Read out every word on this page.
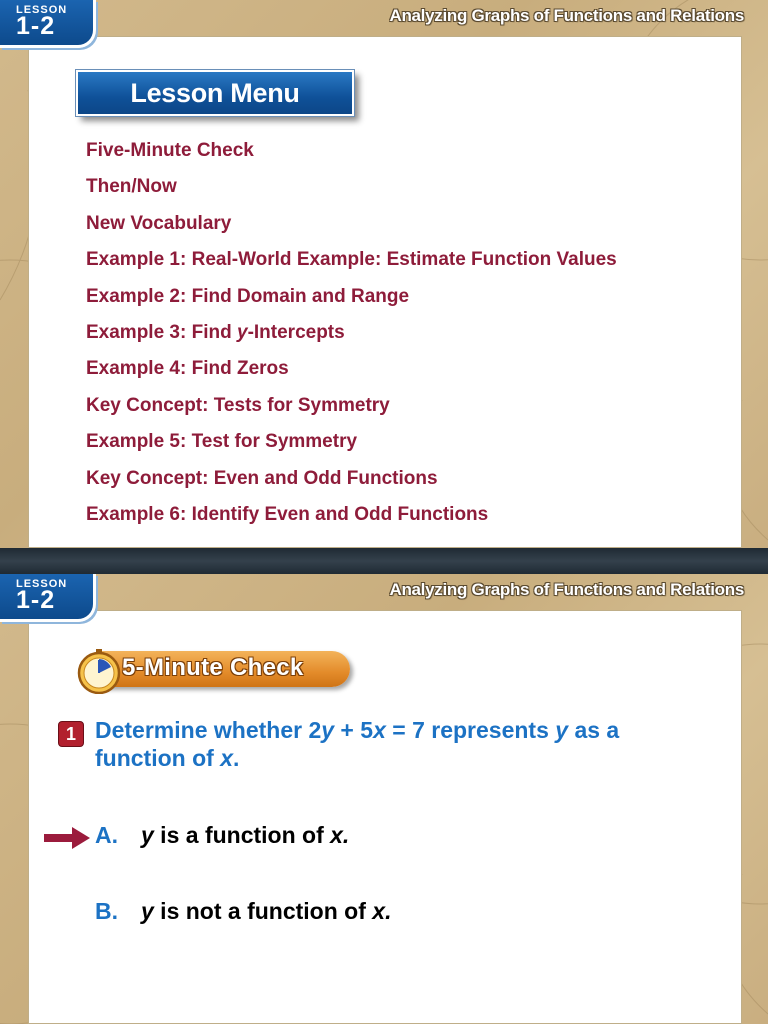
LESSON
1-2	Analyzing Graphs of Functions and Relations
Lesson Menu
Five-Minute Check
Then/Now
New Vocabulary
Example 1: Real-World Example: Estimate Function Values
Example 2: Find Domain and Range
Example 3: Find y-Intercepts
Example 4: Find Zeros
Key Concept: Tests for Symmetry
Example 5: Test for Symmetry
Key Concept: Even and Odd Functions
Example 6: Identify Even and Odd Functions
LESSON
1-2	Analyzing Graphs of Functions and Relations
5-Minute Check
1 Determine whether 2y + 5x = 7 represents y as a function of x.
A. y is a function of x.
B. y is not a function of x.
